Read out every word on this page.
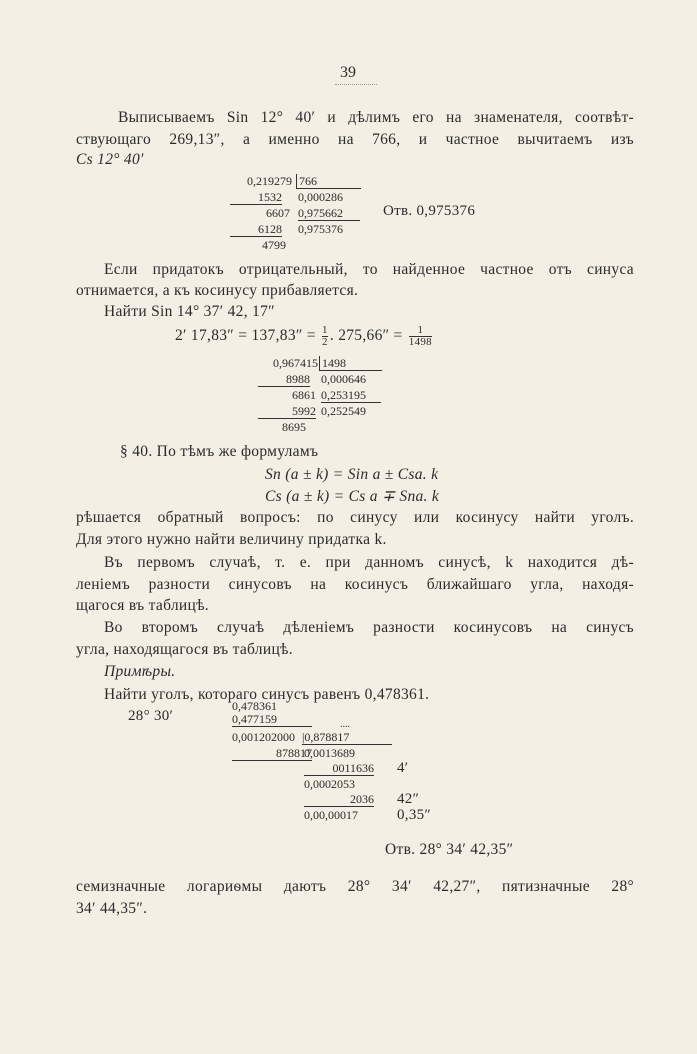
39
Выписываемъ Sin 12° 40′ и дѣлимъ его на знаменателя, соотвѣт-
ствующаго 269,13″, а именно на 766, и частное вычитаемъ изъ
Cs 12° 40′
0,219279
1532
6607
6128
4799
766
0,000286
0,975662
0,975376
Отв. 0,975376
Если придатокъ отрицательный, то найденное частное отъ синуса
отнимается, а къ косинусу прибавляется.
Найти Sin 14° 37′ 42, 17″
2′ $17,83'' = 137,83'' = \frac{1}{2}$ . $275,66'' = \frac{1}{1498}$
0,967415
8988
6861
5992
8695
1498
0,000646
0,253195
0,252549
§ 40. По тѣмъ же формуламъ
Sn (a ± k) = Sin a ± Csa. k
Cs (a ± k) = Cs a ∓ Sna. k
рѣшается обратный вопросъ: по синусу или косинусу найти уголъ.
Для этого нужно найти величину придатка k.
Въ первомъ случаѣ, т. е. при данномъ синусѣ, k находится дѣ-
леніемъ разности синусовъ на косинусъ ближайшаго угла, находя-
щагося въ таблицѣ.
Во второмъ случаѣ дѣленіемъ разности косинусовъ на синусъ
угла, находящагося въ таблицѣ.
Примѣры.
Найти уголъ, котораго синусъ равенъ 0,478361.
28° 30′
0,478361
0,477159
0,001202000
878817
....
|0,878817
0,0013689
0011636
0,0002053
2036
0,00,00017
4′
42″
0,35″
Отв. 28° 34′ 42,35″
семизначные логариѳмы даютъ 28° 34′ 42,27″, пятизначные 28°
34′ 44,35″.
